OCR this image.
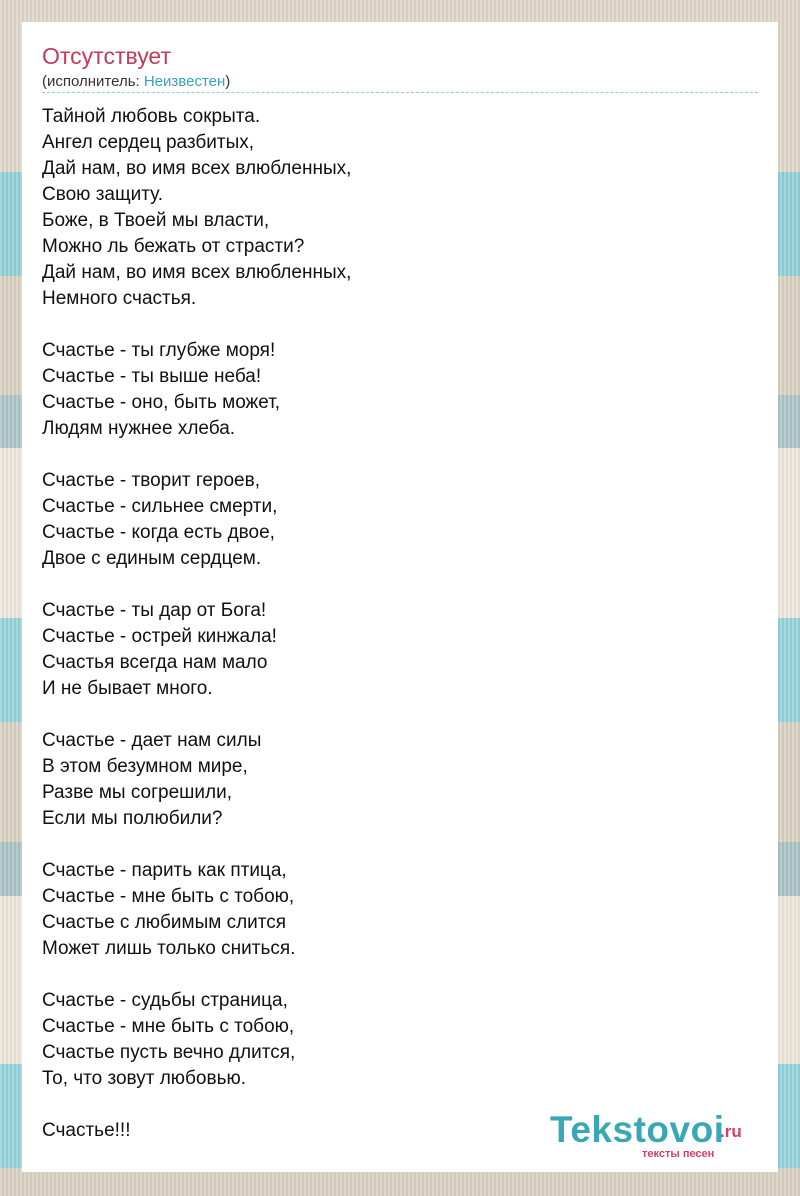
Отсутствует
(исполнитель: Неизвестен)
Тайной любовь сокрыта.
Ангел сердец разбитых,
Дай нам, во имя всех влюбленных,
Свою защиту.
Боже, в Твоей мы власти,
Можно ль бежать от страсти?
Дай нам, во имя всех влюбленных,
Немного счастья.
Счастье - ты глубже моря!
Счастье - ты выше неба!
Счастье - оно, быть может,
Людям нужнее хлеба.
Счастье - творит героев,
Счастье - сильнее смерти,
Счастье - когда есть двое,
Двое с единым сердцем.
Счастье - ты дар от Бога!
Счастье - острей кинжала!
Счастья всегда нам мало
И не бывает много.
Счастье - дает нам силы
В этом безумном мире,
Разве мы согрешили,
Если мы полюбили?
Счастье - парить как птица,
Счастье - мне быть с тобою,
Счастье с любимым слится
Может лишь только сниться.
Счастье - судьбы страница,
Счастье - мне быть с тобою,
Счастье пусть вечно длится,
То, что зовут любовью.
Счастье!!!	Tekstovoi
.ru
тексты песен
